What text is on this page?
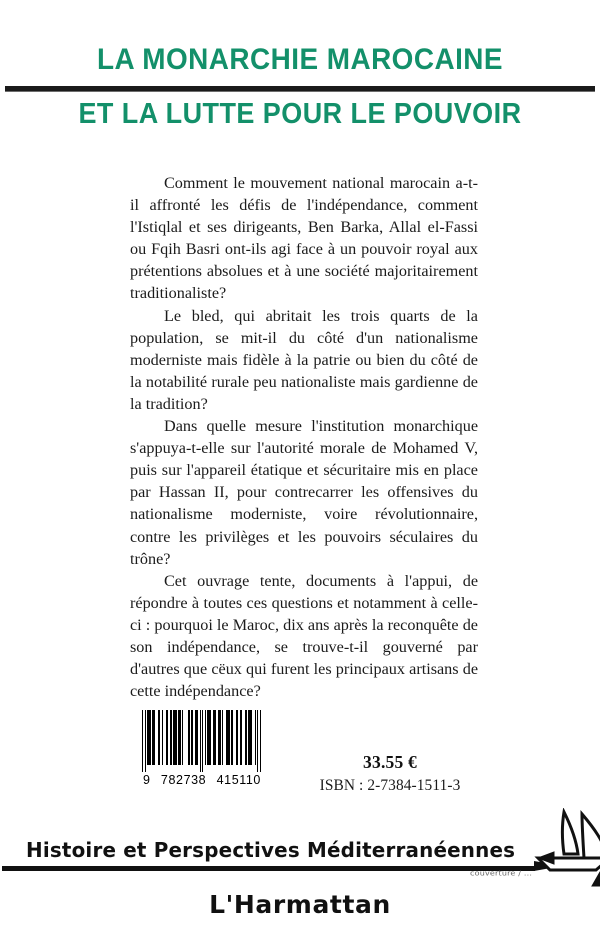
LA MONARCHIE MAROCAINE
ET LA LUTTE POUR LE POUVOIR

Comment le mouvement national marocain a-t-il affronté les défis de l'indépendance, comment l'Istiqlal et ses dirigeants, Ben Barka, Allal el-Fassi ou Fqih Basri ont-ils agi face à un pouvoir royal aux prétentions absolues et à une société majoritairement traditionaliste?

Le bled, qui abritait les trois quarts de la population, se mit-il du côté d'un nationalisme moderniste mais fidèle à la patrie ou bien du côté de la notabilité rurale peu nationaliste mais gardienne de la tradition?

Dans quelle mesure l'institution monarchique s'appuya-t-elle sur l'autorité morale de Mohamed V, puis sur l'appareil étatique et sécuritaire mis en place par Hassan II, pour contrecarrer les offensives du nationalisme moderniste, voire révolutionnaire, contre les privilèges et les pouvoirs séculaires du trône?

Cet ouvrage tente, documents à l'appui, de répondre à toutes ces questions et notamment à celle-ci : pourquoi le Maroc, dix ans après la reconquête de son indépendance, se trouve-t-il gouverné par d'autres que cëux qui furent les principaux artisans de cette indépendance?

9 782738 415110
33.55 €
ISBN : 2-7384-1511-3
Histoire et Perspectives Méditerranéennes
couverture / ...
L'Harmattan
